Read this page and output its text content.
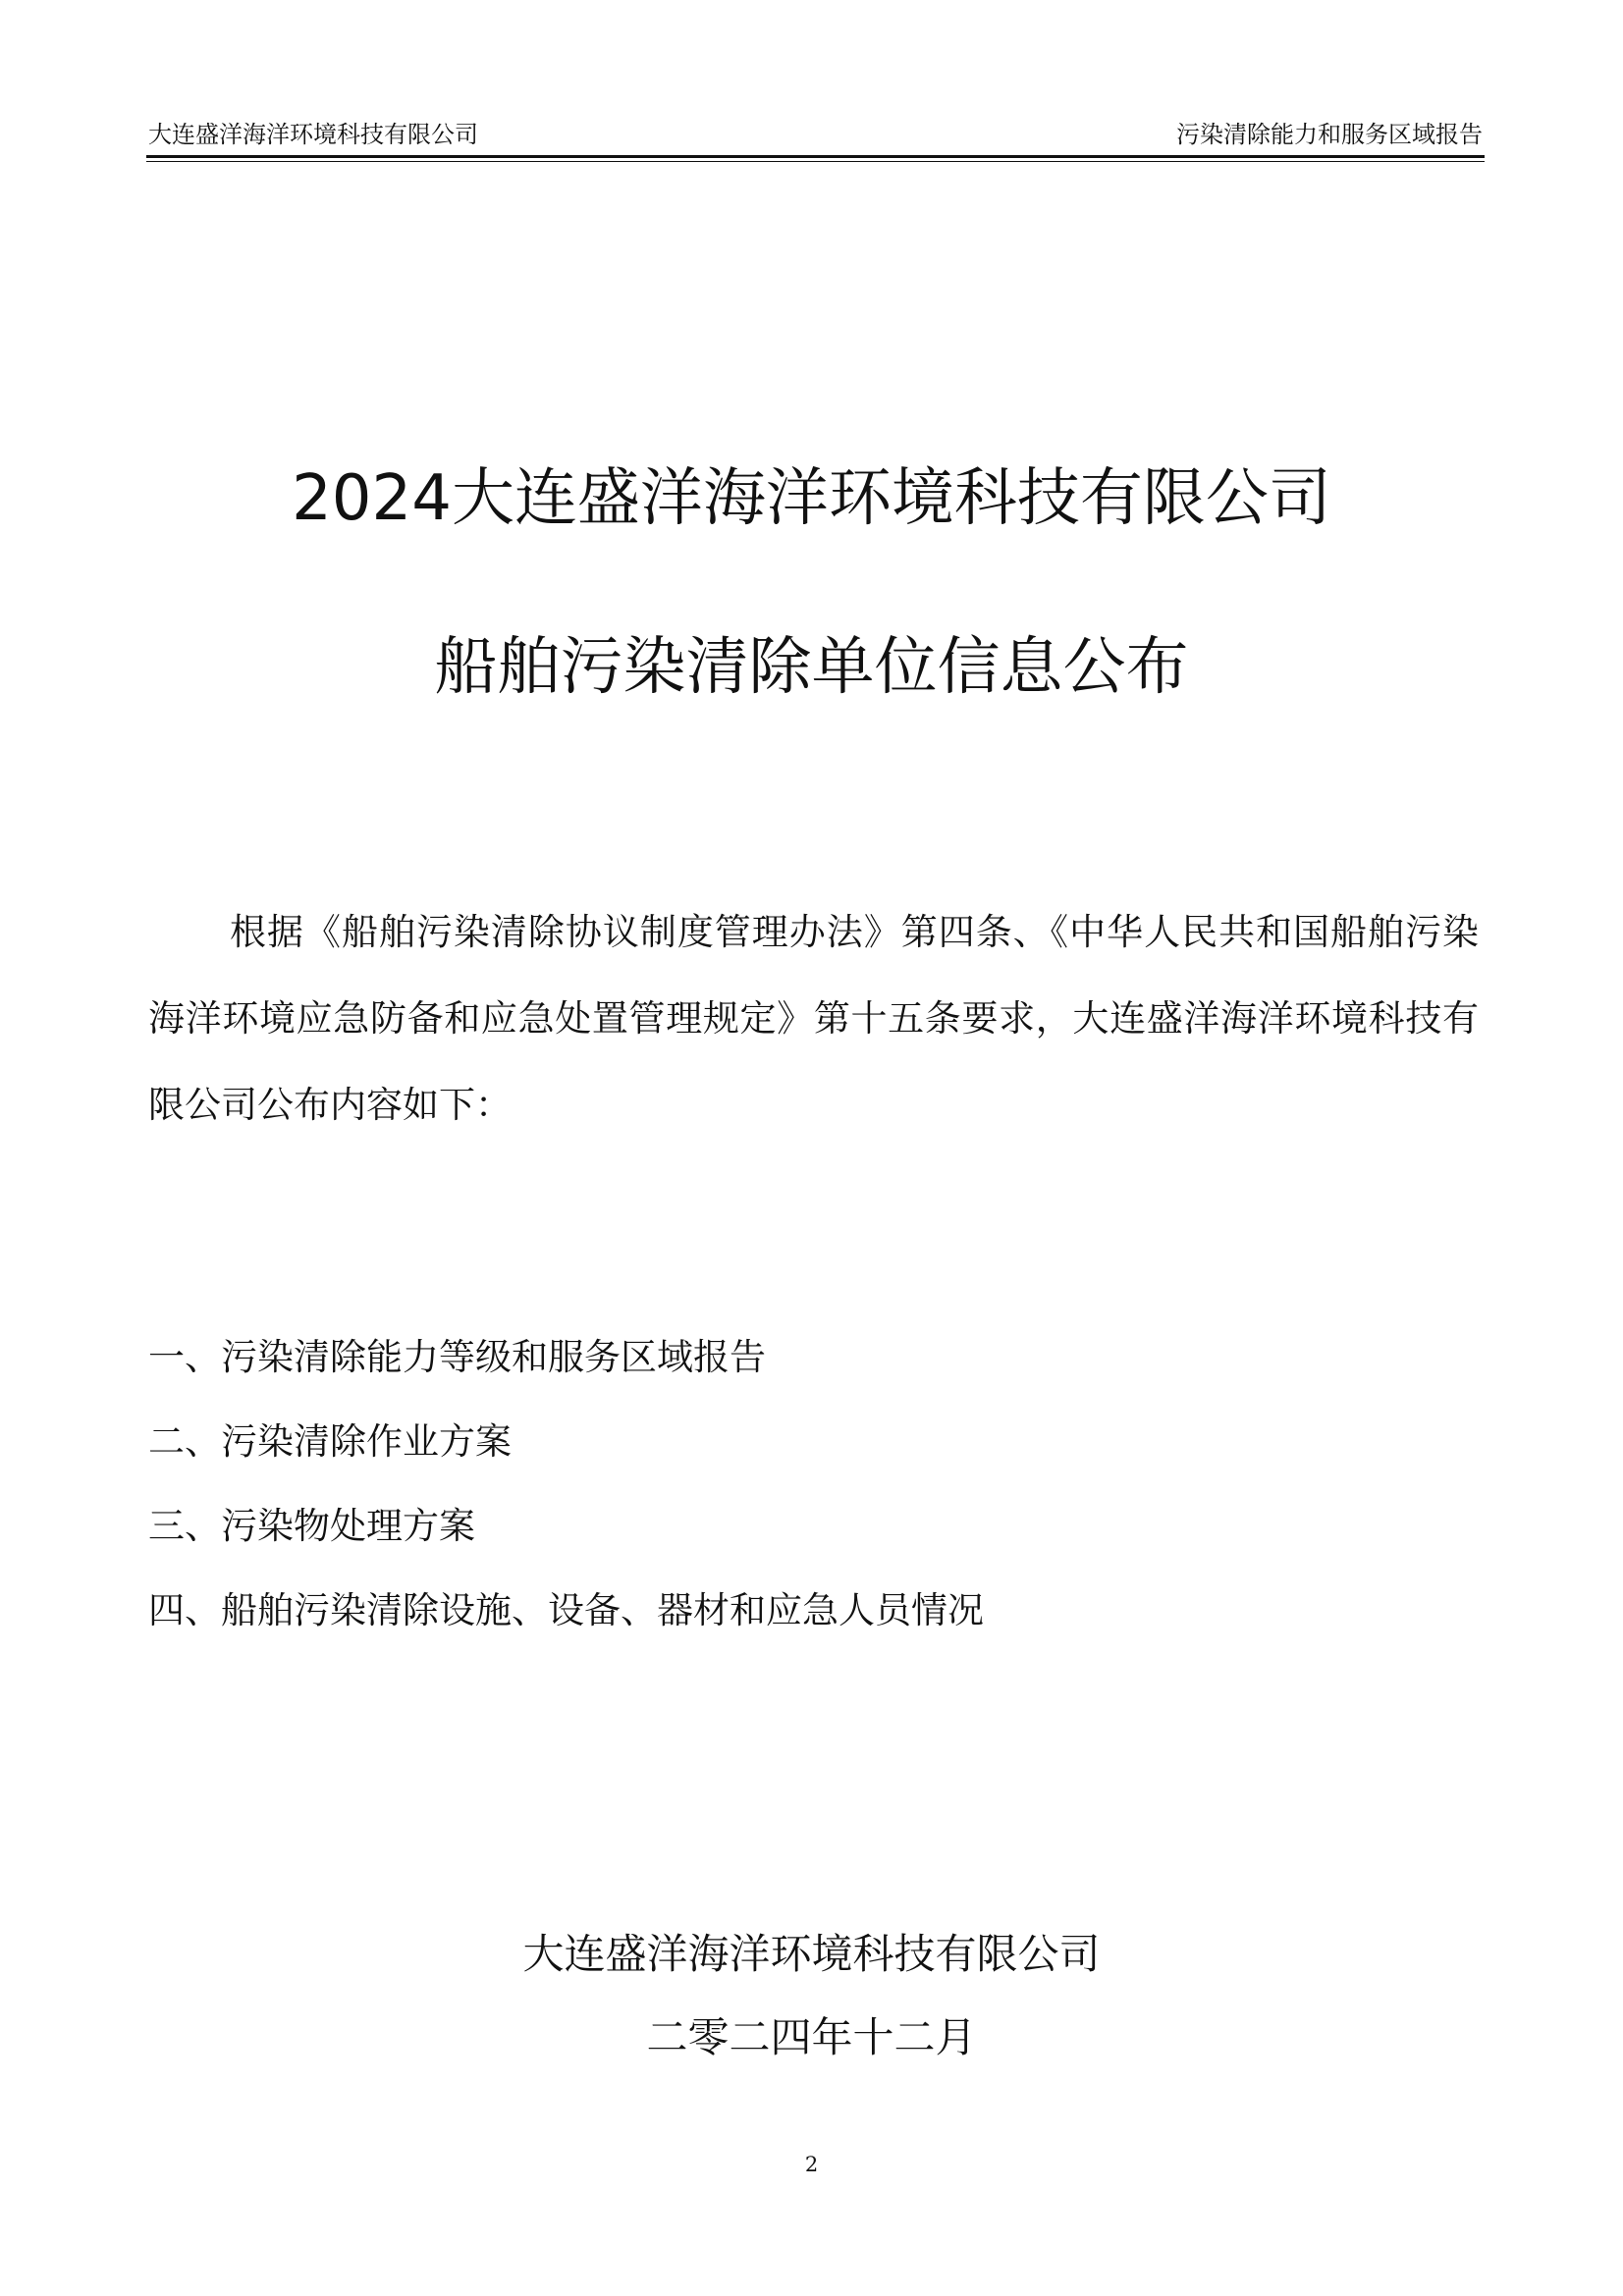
大连盛洋海洋环境科技有限公司	污染清除能力和服务区域报告
2024大连盛洋海洋环境科技有限公司
船舶污染清除单位信息公布

根据《船舶污染清除协议制度管理办法》第四条、《中华人民共和国船舶污染海洋环境应急防备和应急处置管理规定》第十五条要求，大连盛洋海洋环境科技有限公司公布内容如下：

一、污染清除能力等级和服务区域报告
二、污染清除作业方案
三、污染物处理方案
四、船舶污染清除设施、设备、器材和应急人员情况
大连盛洋海洋环境科技有限公司
二零二四年十二月
2
